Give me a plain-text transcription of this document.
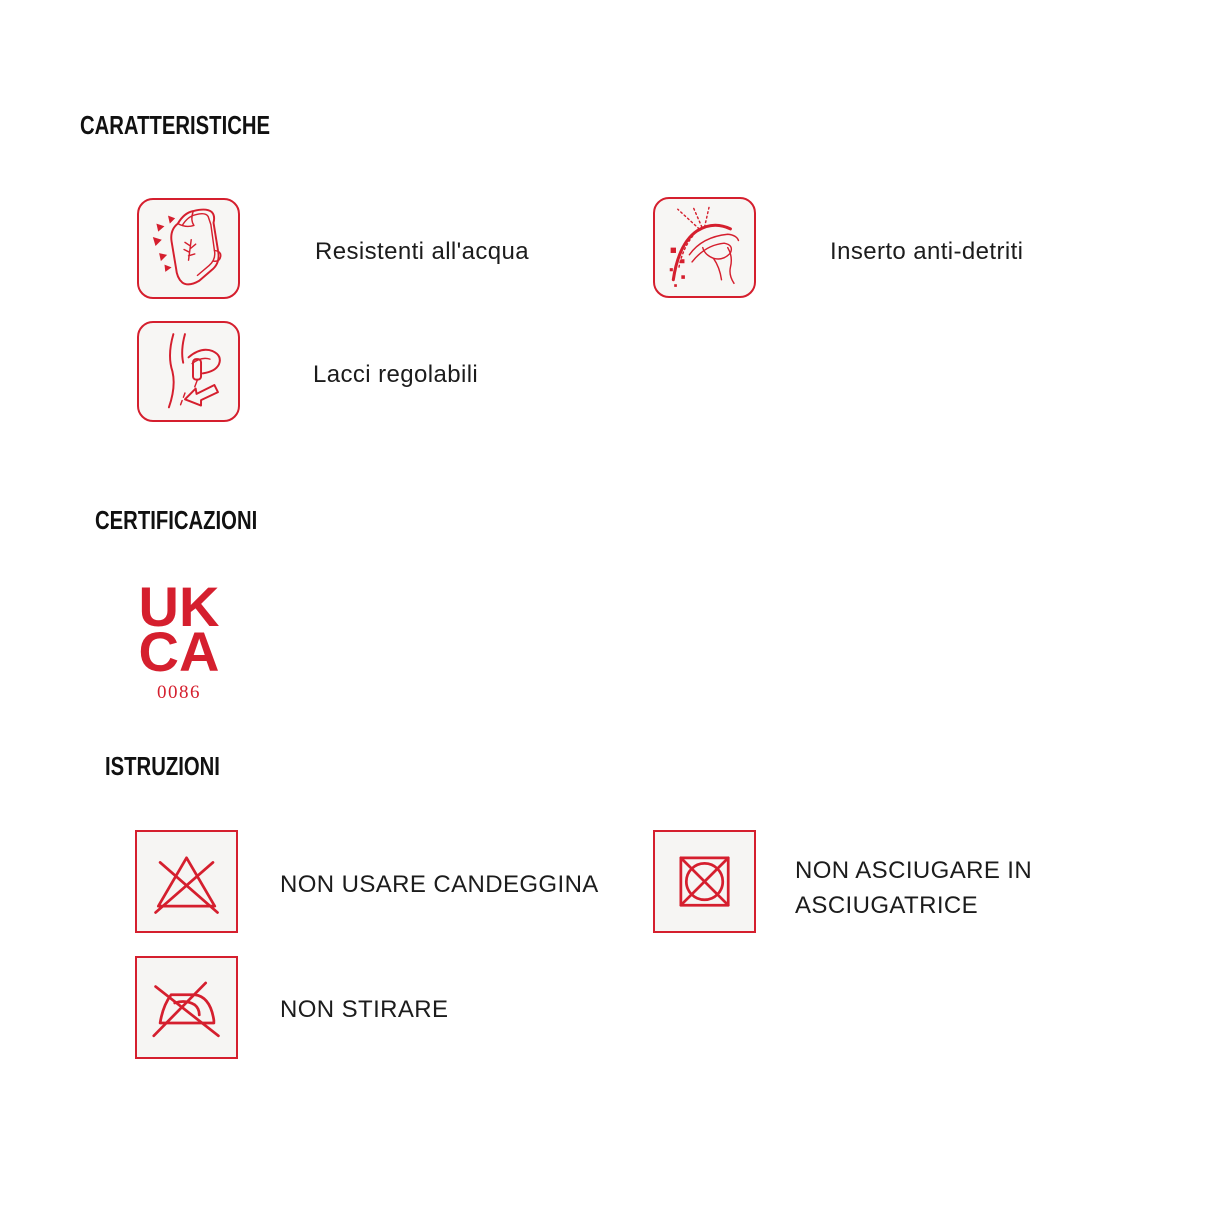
CARATTERISTICHE
Resistenti all'acqua	Inserto anti-detriti
Lacci regolabili
CERTIFICAZIONI
UK
CA
0086
ISTRUZIONI
NON USARE CANDEGGINA
NON ASCIUGARE IN ASCIUGATRICE
NON STIRARE
